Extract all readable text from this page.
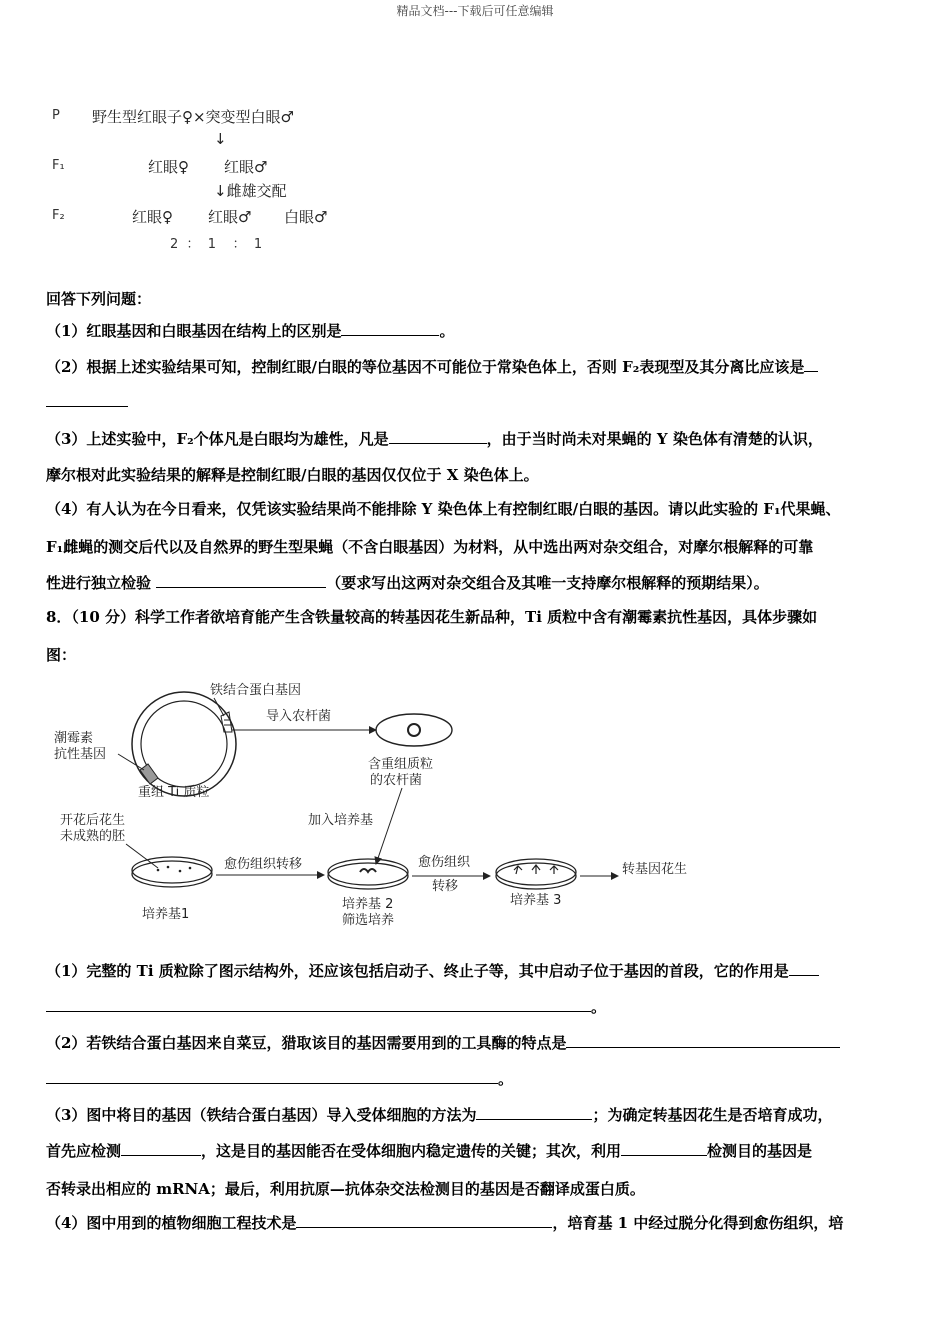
精品文档---下载后可任意编辑
P 野生型红眼子♀×突变型白眼♂
↓
F₁	红眼♀ 红眼♂
↓雌雄交配
F₂	红眼♀ 红眼♂ 白眼♂
2  ：  1    ：  1
回答下列问题：
（1）红眼基因和白眼基因在结构上的区别是	。
（2）根据上述实验结果可知，控制红眼/白眼的等位基因不可能位于常染色体上，否则 F₂表现型及其分离比应该是
（3）上述实验中，F₂个体凡是白眼均为雄性，凡是	，由于当时尚未对果蝇的 Y 染色体有清楚的认识，
摩尔根对此实验结果的解释是控制红眼/白眼的基因仅仅位于 X 染色体上。
（4）有人认为在今日看来，仅凭该实验结果尚不能排除 Y 染色体上有控制红眼/白眼的基因。请以此实验的 F₁代果蝇、
F₁雌蝇的测交后代以及自然界的野生型果蝇（不含白眼基因）为材料，从中选出两对杂交组合，对摩尔根解释的可靠
性进行独立检验	（要求写出这两对杂交组合及其唯一支持摩尔根解释的预期结果）。
8．（10 分）科学工作者欲培育能产生含铁量较高的转基因花生新品种，Ti 质粒中含有潮霉素抗性基因，具体步骤如
图：
铁结合蛋白基因
潮霉素
抗性基因
重组 Ti 质粒
导入农杆菌
含重组质粒
的农杆菌
加入培养基
开花后花生
未成熟的胚
培养基1
愈伤组织转移
培养基 2
筛选培养
愈伤组织
转移
培养基 3
转基因花生
（1）完整的 Ti 质粒除了图示结构外，还应该包括启动子、终止子等，其中启动子位于基因的首段，它的作用是
。
（2）若铁结合蛋白基因来自菜豆，猎取该目的基因需要用到的工具酶的特点是
。
（3）图中将目的基因（铁结合蛋白基因）导入受体细胞的方法为	；为确定转基因花生是否培育成功，
首先应检测	，这是目的基因能否在受体细胞内稳定遗传的关键；其次，利用	检测目的基因是
否转录出相应的 mRNA；最后，利用抗原—抗体杂交法检测目的基因是否翻译成蛋白质。
（4）图中用到的植物细胞工程技术是	，培育基 1 中经过脱分化得到愈伤组织，培
